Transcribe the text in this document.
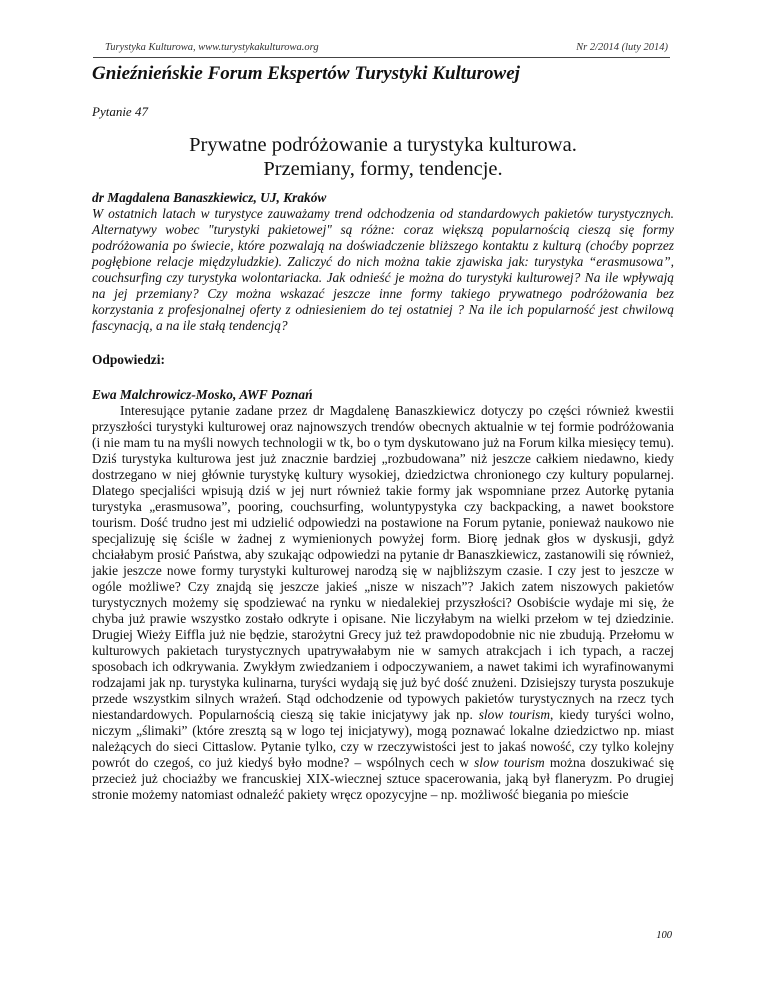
Turystyka Kulturowa, www.turystykakulturowa.org	Nr 2/2014 (luty 2014)
Gnieźnieńskie Forum Ekspertów Turystyki Kulturowej
Pytanie 47
Prywatne podróżowanie a turystyka kulturowa.
Przemiany, formy, tendencje.

dr Magdalena Banaszkiewicz, UJ, Kraków

W ostatnich latach w turystyce zauważamy trend odchodzenia od standardowych pakietów turystycznych. Alternatywy wobec "turystyki pakietowej" są różne: coraz większą popularnością cieszą się formy podróżowania po świecie, które pozwalają na doświadczenie bliższego kontaktu z kulturą (choćby poprzez pogłębione relacje międzyludzkie). Zaliczyć do nich można takie zjawiska jak: turystyka “erasmusowa”, couchsurfing czy turystyka wolontariacka. Jak odnieść je można do turystyki kulturowej? Na ile wpływają na jej przemiany? Czy można wskazać jeszcze inne formy takiego prywatnego podróżowania bez korzystania z profesjonalnej oferty z odniesieniem do tej ostatniej ? Na ile ich popularność jest chwilową fascynacją, a na ile stałą tendencją?

Odpowiedzi:

Ewa Malchrowicz-Mosko, AWF Poznań

Interesujące pytanie zadane przez dr Magdalenę Banaszkiewicz dotyczy po części również kwestii przyszłości turystyki kulturowej oraz najnowszych trendów obecnych aktualnie w tej formie podróżowania (i nie mam tu na myśli nowych technologii w tk, bo o tym dyskutowano już na Forum kilka miesięcy temu). Dziś turystyka kulturowa jest już znacznie bardziej „rozbudowana” niż jeszcze całkiem niedawno, kiedy dostrzegano w niej głównie turystykę kultury wysokiej, dziedzictwa chronionego czy kultury popularnej. Dlatego specjaliści wpisują dziś w jej nurt również takie formy jak wspomniane przez Autorkę pytania turystyka „erasmusowa”, pooring, couchsurfing, woluntурystyka czy backpacking, a nawet bookstore tourism. Dość trudno jest mi udzielić odpowiedzi na postawione na Forum pytanie, ponieważ naukowo nie specjalizuję się ściśle w żadnej z wymienionych powyżej form. Biorę jednak głos w dyskusji, gdyż chciałabym prosić Państwa, aby szukając odpowiedzi na pytanie dr Banaszkiewicz, zastanowili się również, jakie jeszcze nowe formy turystyki kulturowej narodzą się w najbliższym czasie. I czy jest to jeszcze w ogóle możliwe? Czy znajdą się jeszcze jakieś „nisze w niszach”? Jakich zatem niszowych pakietów turystycznych możemy się spodziewać na rynku w niedalekiej przyszłości? Osobiście wydaje mi się, że chyba już prawie wszystko zostało odkryte i opisane. Nie liczyłabym na wielki przełom w tej dziedzinie. Drugiej Wieży Eiffla już nie będzie, starożytni Grecy już też prawdopodobnie nic nie zbudują. Przełomu w kulturowych pakietach turystycznych upatrywałabym nie w samych atrakcjach i ich typach, a raczej sposobach ich odkrywania. Zwykłym zwiedzaniem i odpoczywaniem, a nawet takimi ich wyrafinowanymi rodzajami jak np. turystyka kulinarna, turyści wydają się już być dość znużeni. Dzisiejszy turysta poszukuje przede wszystkim silnych wrażeń. Stąd odchodzenie od typowych pakietów turystycznych na rzecz tych niestandardowych. Popularnością cieszą się takie inicjatywy jak np. slow tourism, kiedy turyści wolno, niczym „ślimaki” (które zresztą są w logo tej inicjatywy), mogą poznawać lokalne dziedzictwo np. miast należących do sieci Cittaslow. Pytanie tylko, czy w rzeczywistości jest to jakaś nowość, czy tylko kolejny powrót do czegoś, co już kiedyś było modne? – wspólnych cech w slow tourism można doszukiwać się przecież już chociażby we francuskiej XIX-wiecznej sztuce spacerowania, jaką był flaneryzm. Po drugiej stronie możemy natomiast odnaleźć pakiety wręcz opozycyjne – np. możliwość biegania po mieście

100
